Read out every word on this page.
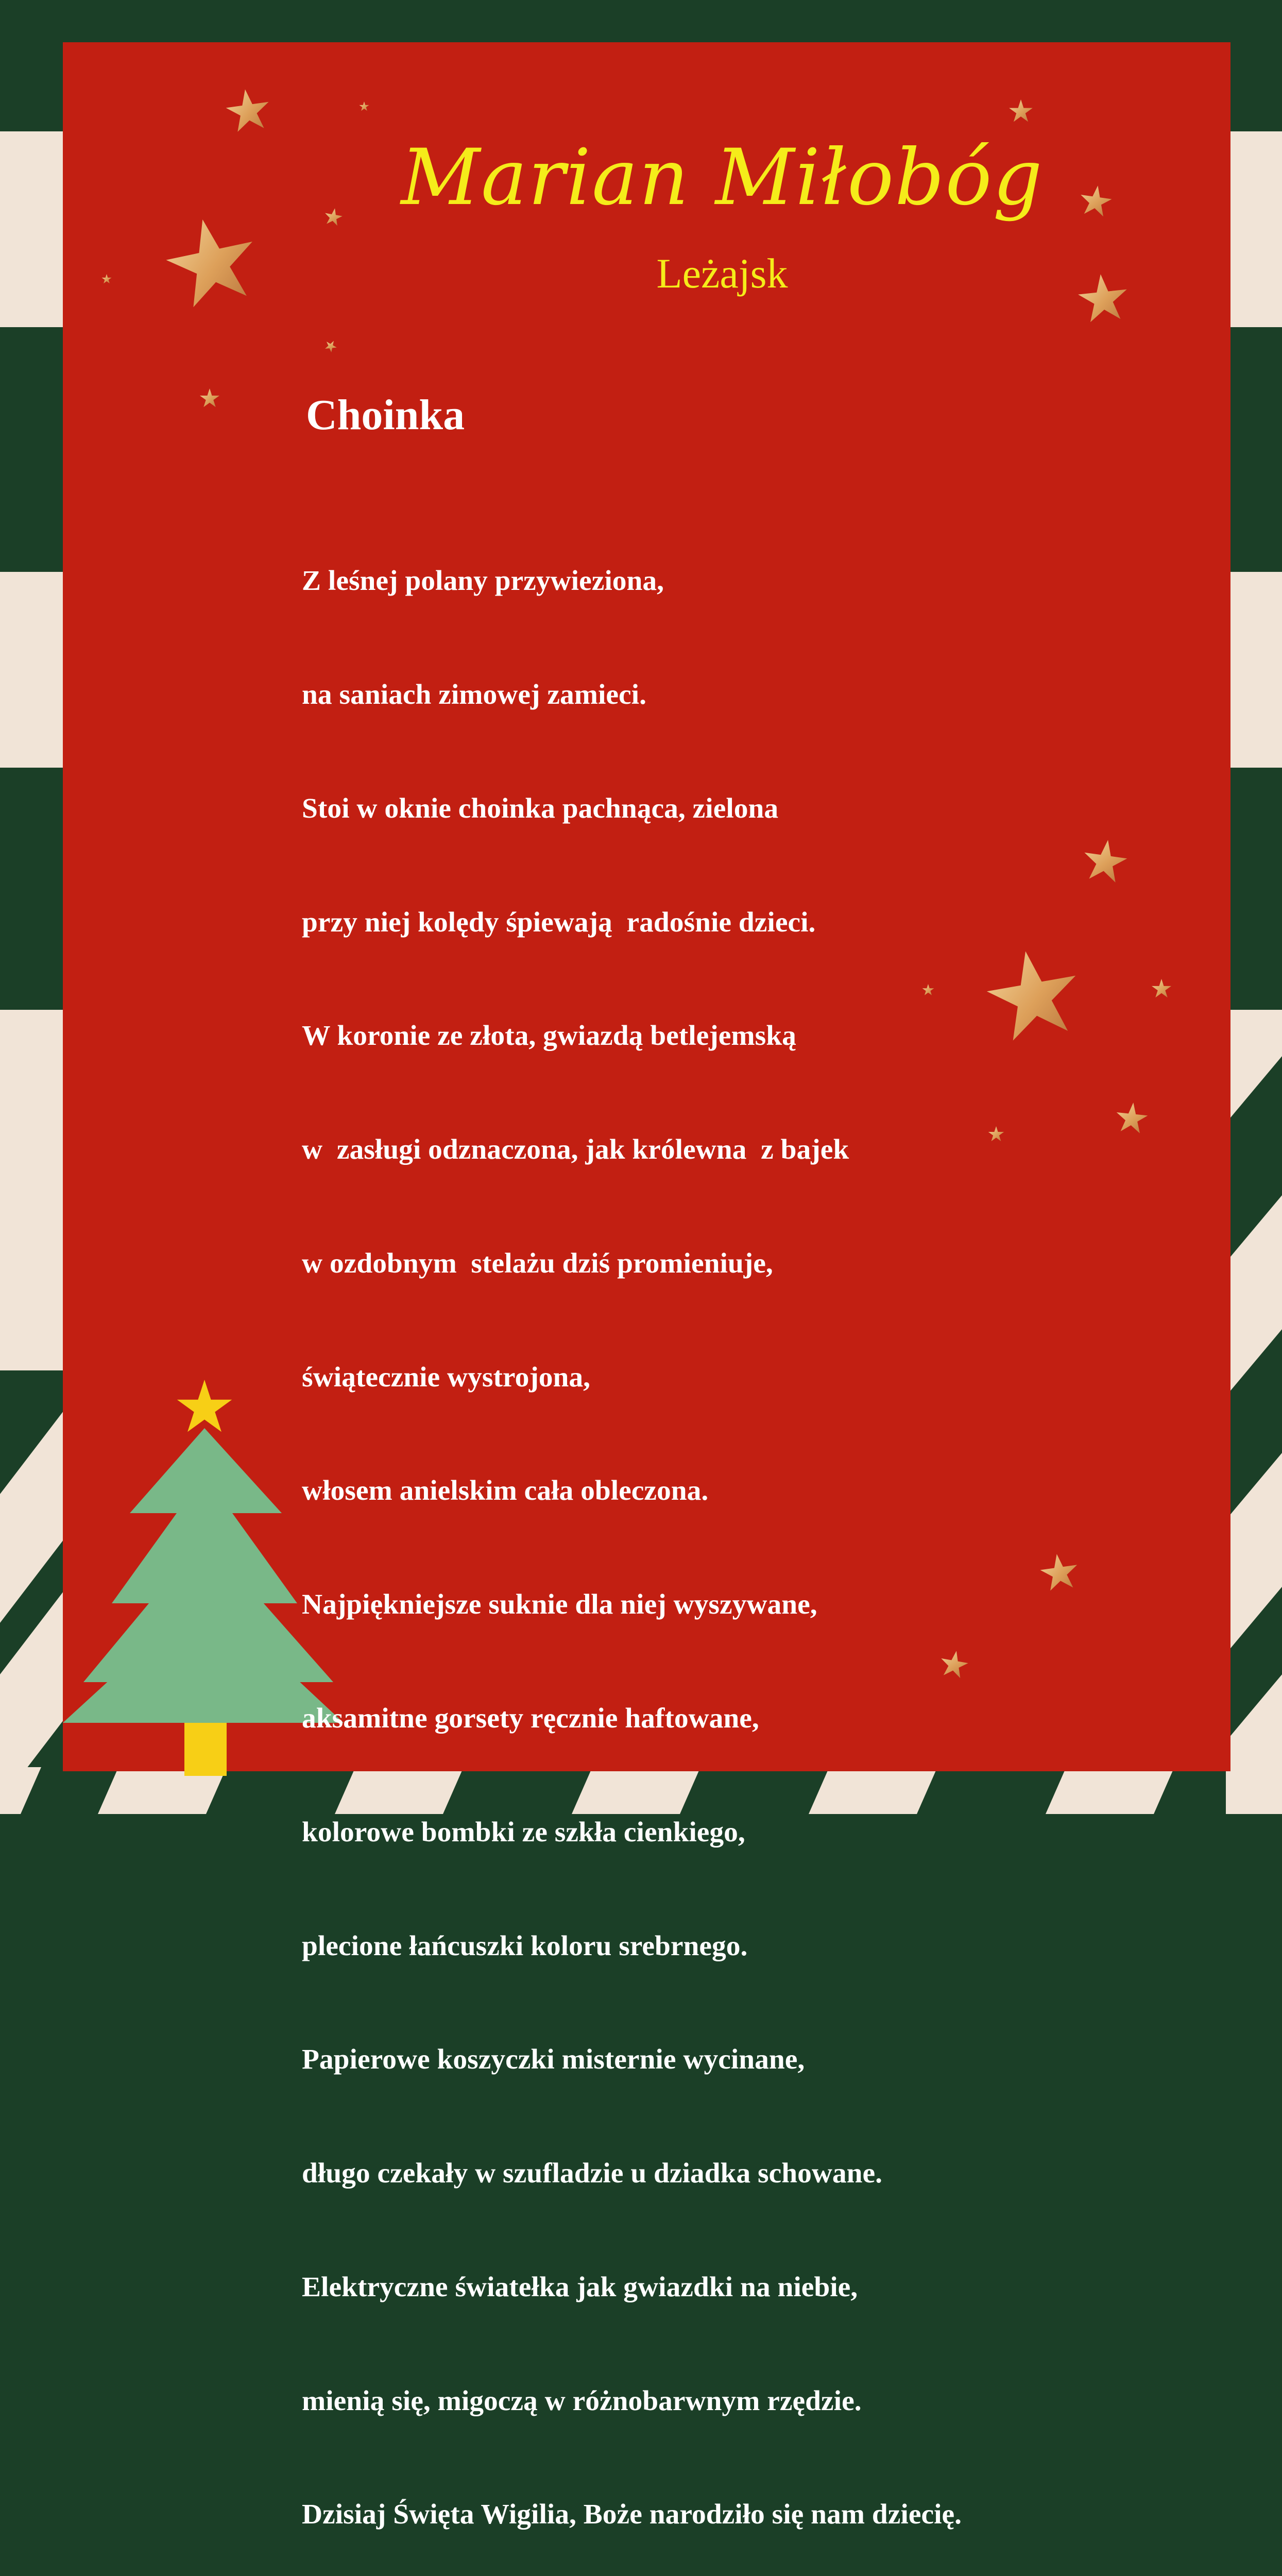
Marian Miłobóg
Leżajsk
Choinka

Z leśnej polany przywieziona,

na saniach zimowej zamieci.

Stoi w oknie choinka pachnąca, zielona

przy niej kolędy śpiewają  radośnie dzieci.

W koronie ze złota, gwiazdą betlejemską

w  zasługi odznaczona, jak królewna  z bajek

w ozdobnym  stelażu dziś promieniuje,

świątecznie wystrojona,

włosem anielskim cała obleczona.

Najpiękniejsze suknie dla niej wyszywane,

aksamitne gorsety ręcznie haftowane,

kolorowe bombki ze szkła cienkiego,

plecione łańcuszki koloru srebrnego.

Papierowe koszyczki misternie wycinane,

długo czekały w szufladzie u dziadka schowane.

Elektryczne światełka jak gwiazdki na niebie,

mienią się, migoczą w różnobarwnym rzędzie.

Dzisiaj Święta Wigilia, Boże narodziło się nam dziecię.
